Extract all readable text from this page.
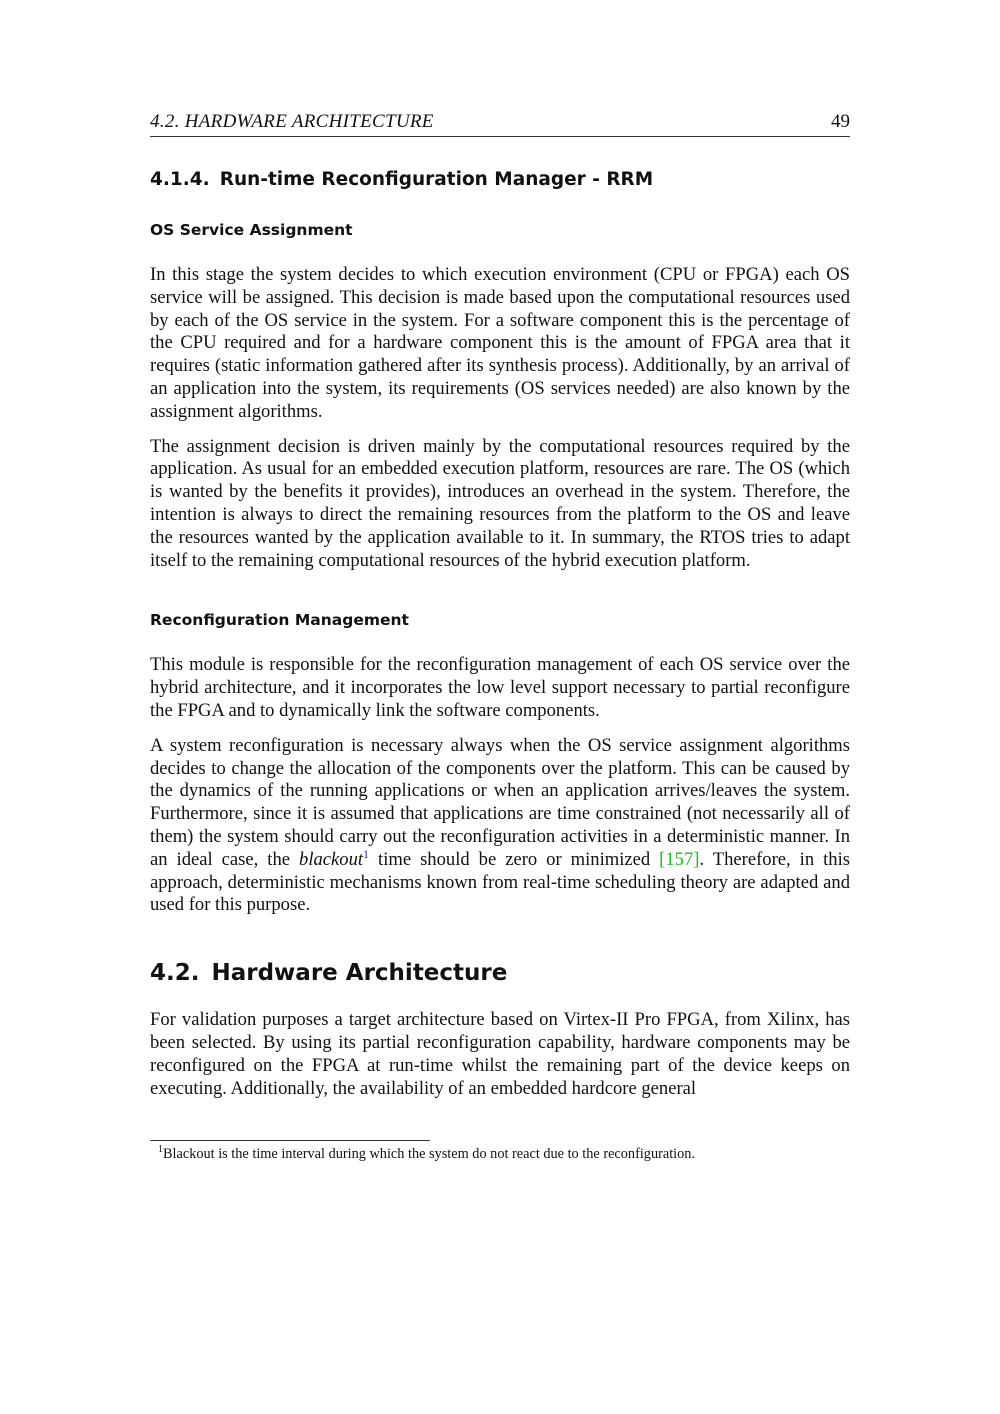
4.2. HARDWARE ARCHITECTURE	49
4.1.4. Run-time Reconfiguration Manager - RRM
OS Service Assignment

In this stage the system decides to which execution environment (CPU or FPGA) each OS service will be assigned. This decision is made based upon the computational resources used by each of the OS service in the system. For a software component this is the percentage of the CPU required and for a hardware component this is the amount of FPGA area that it requires (static information gathered after its synthesis process). Additionally, by an arrival of an application into the system, its requirements (OS services needed) are also known by the assignment algorithms.

The assignment decision is driven mainly by the computational resources required by the application. As usual for an embedded execution platform, resources are rare. The OS (which is wanted by the benefits it provides), introduces an overhead in the system. Therefore, the intention is always to direct the remaining resources from the platform to the OS and leave the resources wanted by the application available to it. In summary, the RTOS tries to adapt itself to the remaining computational resources of the hybrid execution platform.

Reconfiguration Management

This module is responsible for the reconfiguration management of each OS service over the hybrid architecture, and it incorporates the low level support necessary to partial reconfigure the FPGA and to dynamically link the software components.

A system reconfiguration is necessary always when the OS service assignment algorithms decides to change the allocation of the components over the platform. This can be caused by the dynamics of the running applications or when an application arrives/leaves the system. Furthermore, since it is assumed that applications are time constrained (not necessarily all of them) the system should carry out the reconfiguration activities in a deterministic manner. In an ideal case, the blackout$^1$ time should be zero or minimized [157]. Therefore, in this approach, deterministic mechanisms known from real-time scheduling theory are adapted and used for this purpose.

4.2. Hardware Architecture

For validation purposes a target architecture based on Virtex-II Pro FPGA, from Xilinx, has been selected. By using its partial reconfiguration capability, hardware components may be reconfigured on the FPGA at run-time whilst the remaining part of the device keeps on executing. Additionally, the availability of an embedded hardcore general

$^1$Blackout is the time interval during which the system do not react due to the reconfiguration.
